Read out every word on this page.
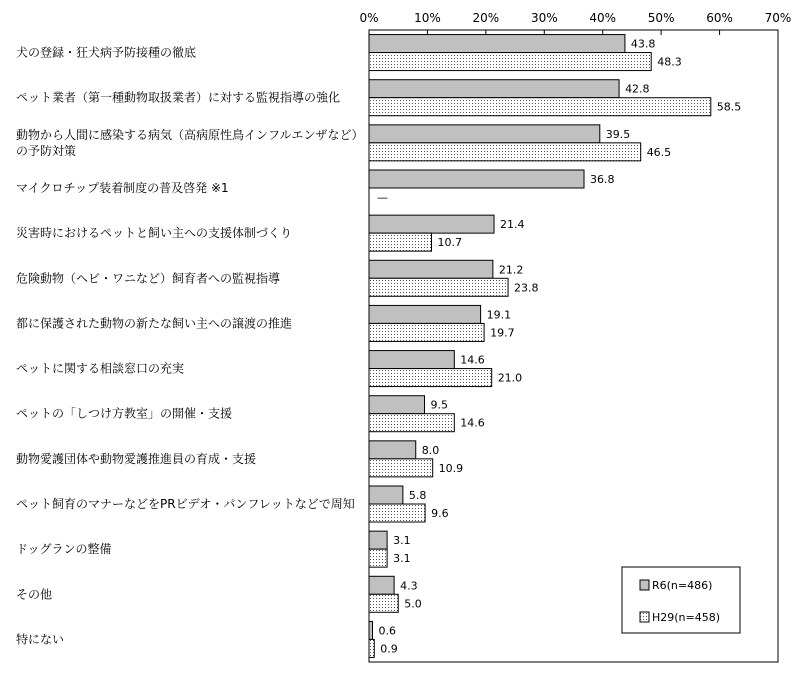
0%	10%	20%	30%	40%	50%	60%	70%
犬の登録・狂犬病予防接種の徹底
ペット業者（第一種動物取扱業者）に対する監視指導の強化
動物から人間に感染する病気（高病原性鳥インフルエンザなど）の予防対策
マイクロチップ装着制度の普及啓発 ※1
災害時におけるペットと飼い主への支援体制づくり
危険動物（ヘビ・ワニなど）飼育者への監視指導
都に保護された動物の新たな飼い主への譲渡の推進
ペットに関する相談窓口の充実
ペットの「しつけ方教室」の開催・支援
動物愛護団体や動物愛護推進員の育成・支援
ペット飼育のマナーなどをPRビデオ・パンフレットなどで周知
ドッグランの整備
その他
特にない
43.8
48.3
42.8
58.5
39.5
46.5
36.8
—
21.4
10.7
21.2
23.8
19.1
19.7
14.6
21.0
9.5
14.6
8.0
10.9
5.8
9.6
3.1
3.1
4.3
5.0
0.6
0.9
R6(n=486)
H29(n=458)
